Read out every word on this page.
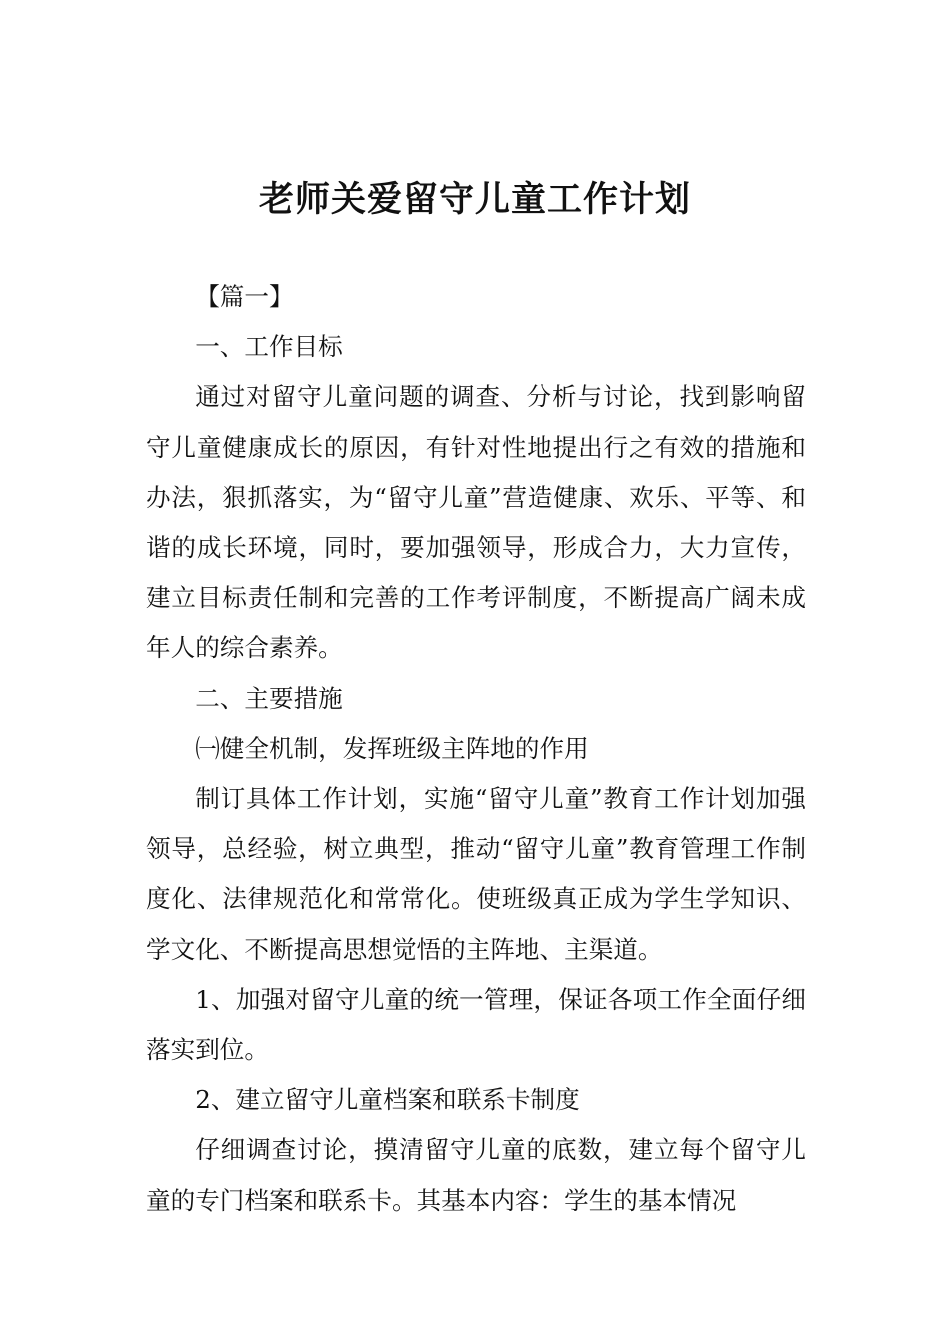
老师关爱留守儿童工作计划

【篇一】

一、工作目标

通过对留守儿童问题的调查、分析与讨论，找到影响留守儿童健康成长的原因，有针对性地提出行之有效的措施和办法，狠抓落实，为“留守儿童”营造健康、欢乐、平等、和谐的成长环境，同时，要加强领导，形成合力，大力宣传，建立目标责任制和完善的工作考评制度，不断提高广阔未成年人的综合素养。

二、主要措施

㈠健全机制，发挥班级主阵地的作用

制订具体工作计划，实施“留守儿童”教育工作计划加强领导，总经验，树立典型，推动“留守儿童”教育管理工作制度化、法律规范化和常常化。使班级真正成为学生学知识、学文化、不断提高思想觉悟的主阵地、主渠道。

1、加强对留守儿童的统一管理，保证各项工作全面仔细落实到位。

2、建立留守儿童档案和联系卡制度

仔细调查讨论，摸清留守儿童的底数，建立每个留守儿童的专门档案和联系卡。其基本内容：学生的基本情况
